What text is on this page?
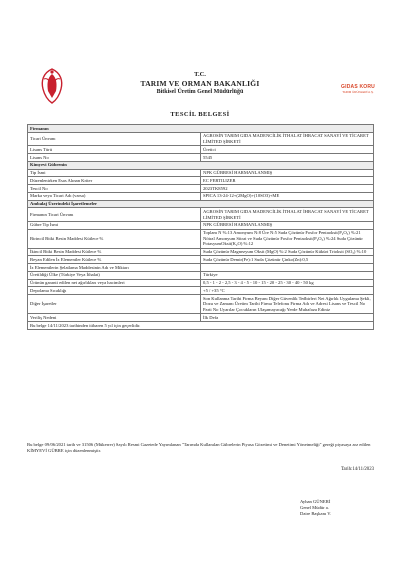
GIDAS KORU
TARIM ÜRÜNLERİ A.Ş.
T.C.
TARIM VE ORMAN BAKANLIĞI
Bitkisel Üretim Genel Müdürlüğü
TESCİL BELGESİ
Firmanın	
Ticari Ünvanı	AGROSİN TARIM GIDA MADENCİLİK İTHALAT İHRACAT SANAYİ VE TİCARET LİMİTED ŞİRKETİ
Lisans Türü	Üretici
Lisans No	5545
Kimyevi Gübrenin	
Tip İsmi	NPK GÜBRESİ HARMANLANMIŞ
Düzenlenirken Esas Alınan Kriter	EC FERTILIZER
Tescil No	2023TK8592
Marka veya Ticari Adı (varsa)	SPICA 13-24-12+(2MgO)+(10SO3)+ME
Ambalaj Üzerindeki İşaretlemeler	
Firmanın Ticari Ünvanı	AGROSİN TARIM GIDA MADENCİLİK İTHALAT İHRACAT SANAYİ VE TİCARET LİMİTED ŞİRKETİ
Gübre Tip İsmi	NPK GÜBRESİ HARMANLANMIŞ
Birincil Bitki Besin Maddesi Kütlece %	Toplam N %:13 Amonyum N:8 Üre N:5 Suda Çözünür Fosfor Pentaoksit(P₂O₅) %:21 Nötral Amonyum Sitrat ve Suda Çözünür Fosfor Pentaoksit(P₂O₅) %:24 Suda Çözünür PotasyumOksit(K₂O) %:12
İkincil Bitki Besin Maddesi Kütlece %	Suda Çözünür Magnezyum Oksit (MgO) %:2 Suda Çözünür Kükürt Trioksit (SO₃) %:10
Beyan Edilen İz Elementler Kütlece %	Suda Çözünür Demir(Fe):1 Suda Çözünür Çinko(Zn):0,5
İz Elementlerin Şelatlama Maddesinin Adı ve Miktarı	
Üretildiği Ülke (Türkiye Veya İthalat)	Türkiye
Ürünün garanti edilen net ağırlıkları veya hacimleri	0,5 - 1 - 2 - 2,5 - 3 - 4 - 5 - 10 - 15 - 20 - 25 - 30 - 40 - 50 kg
Depolama Sıcaklığı	+5 / +35 °C
Diğer İşaretler	Son Kullanma Tarihi Firma Beyanı Diğer Güvenlik Tedbirleri Net Ağırlık Uygulama Şekli, Dozu ve Zamanı Üretim Tarihi Firma Telefonu Firma Adı ve Adresi Lisans ve Tescil No Parti No Uyarılar Çocukların Ulaşamayacağı Yerde Muhafaza Ediniz
Veriliş Nedeni	İlk Defa
Bu belge 14/11/2023 tarihinden itibaren 5 yıl için geçerlidir.	
Bu belge 09/06/2021 tarih ve 31506 (Mükerrer) Sayılı Resmi Gazetede Yayımlanan "Tarımda Kullanılan Gübrelerin Piyasa Gözetimi ve Denetimi Yönetmeliği" gereği piyasaya arz edilen KİMYEVİ GÜBRE için düzenlenmiştir.
Tarih:14/11/2023
Ayhan GÜNERİ
Genel Müdür a.
Daire Başkanı V.
